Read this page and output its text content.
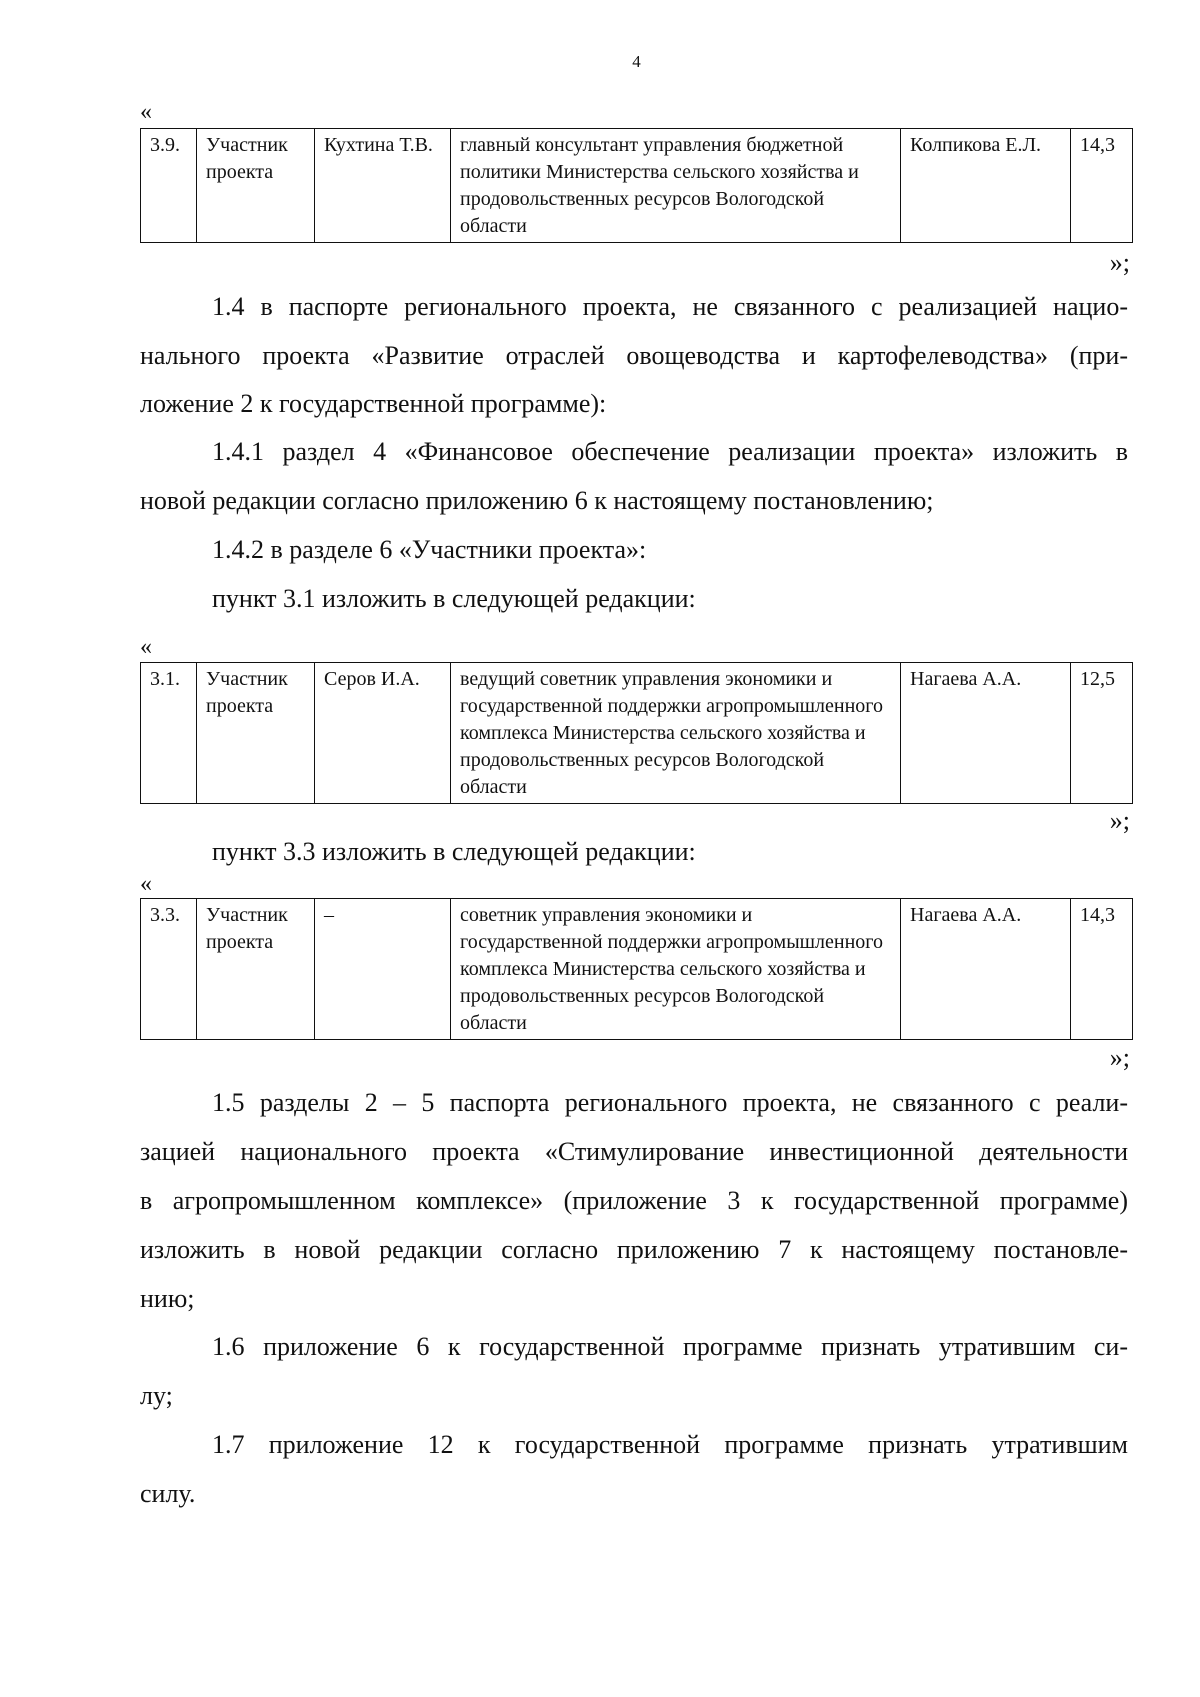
4
«
3.9.	Участник проекта	Кухтина Т.В.	главный консультант управления бюджетной политики Министерства сельского хозяйства и продовольственных ресурсов Вологодской области	Колпикова Е.Л.	14,3
»;
1.4 в паспорте регионального проекта, не связанного с реализацией нацио-
нального проекта «Развитие отраслей овощеводства и картофелеводства» (при-
ложение 2 к государственной программе):
1.4.1 раздел 4 «Финансовое обеспечение реализации проекта» изложить в
новой редакции согласно приложению 6 к настоящему постановлению;
1.4.2 в разделе 6 «Участники проекта»:
пункт 3.1 изложить в следующей редакции:
«
3.1.	Участник проекта	Серов И.А.	ведущий советник управления экономики и государственной поддержки агропромышленного комплекса Министерства сельского хозяйства и продовольственных ресурсов Вологодской области	Нагаева А.А.	12,5
»;
пункт 3.3 изложить в следующей редакции:
«
3.3.	Участник проекта	–	советник управления экономики и государственной поддержки агропромышленного комплекса Министерства сельского хозяйства и продовольственных ресурсов Вологодской области	Нагаева А.А.	14,3
»;
1.5 разделы 2 – 5 паспорта регионального проекта, не связанного с реали-
зацией национального проекта «Стимулирование инвестиционной деятельности
в агропромышленном комплексе» (приложение 3 к государственной программе)
изложить в новой редакции согласно приложению 7 к настоящему постановле-
нию;
1.6 приложение 6 к государственной программе признать утратившим си-
лу;
1.7 приложение 12 к государственной программе признать утратившим
силу.
